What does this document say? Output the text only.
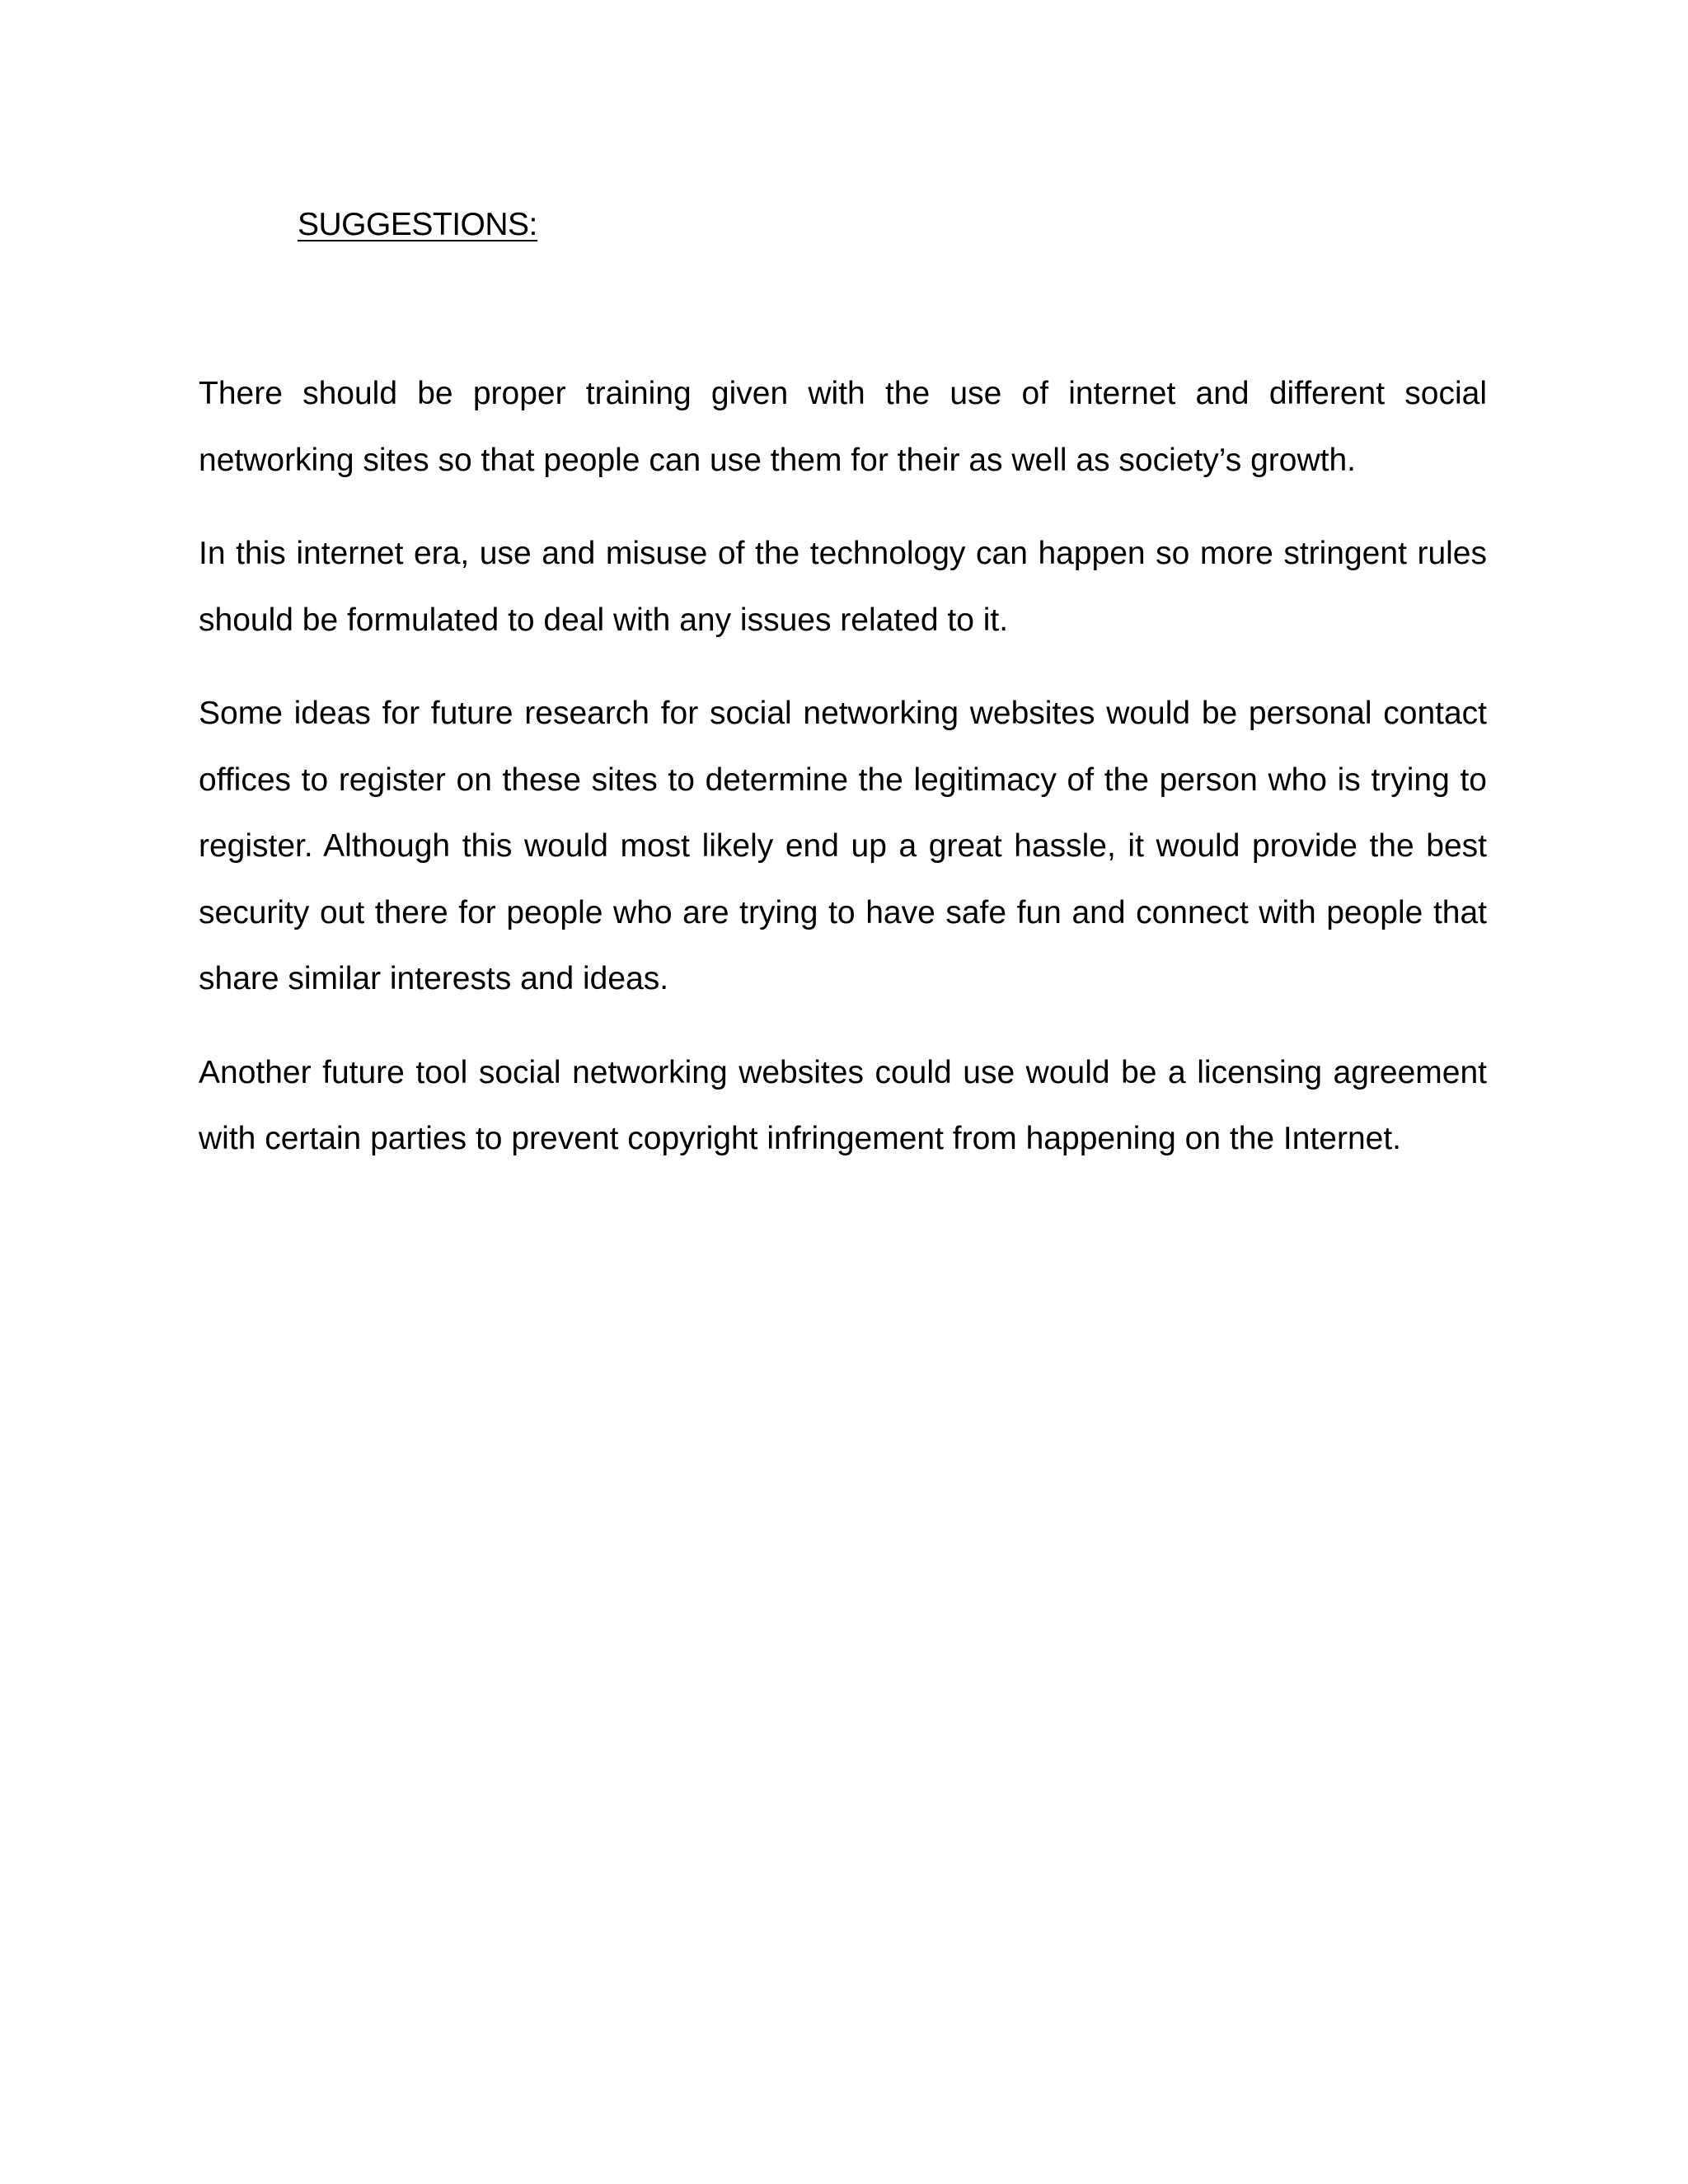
SUGGESTIONS:

There should be proper training given with the use of internet and different social networking sites so that people can use them for their as well as society’s growth.

In this internet era, use and misuse of the technology can happen so more stringent rules should be formulated to deal with any issues related to it.

Some ideas for future research for social networking websites would be personal contact offices to register on these sites to determine the legitimacy of the person who is trying to register. Although this would most likely end up a great hassle, it would provide the best security out there for people who are trying to have safe fun and connect with people that share similar interests and ideas.

Another future tool social networking websites could use would be a licensing agreement with certain parties to prevent copyright infringement from happening on the Internet.
